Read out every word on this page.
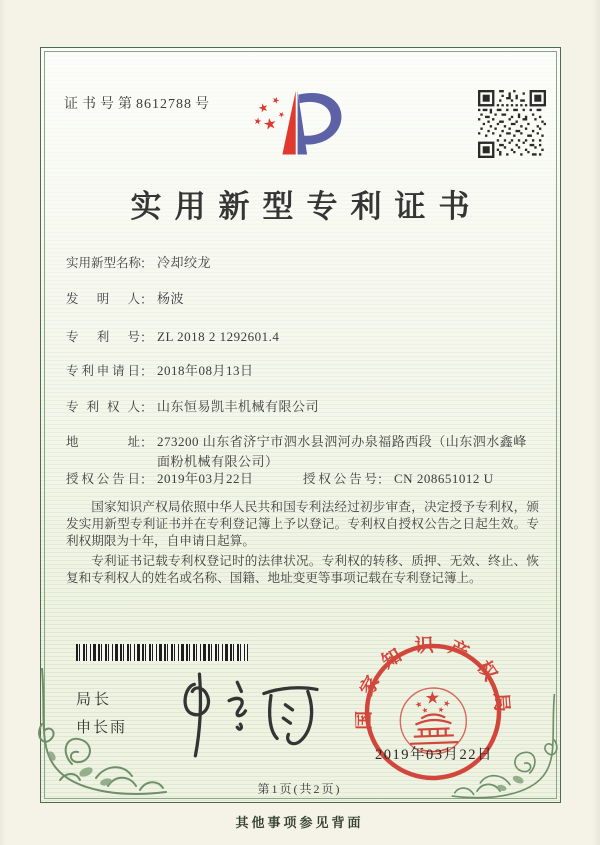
证书号第8612788 号
实用新型专利证书
实用新型名称
： 冷却绞龙
发明人 ： 杨波
专利号 ： ZL 2018 2 1292601.4
专利申请日 ： 2018年08月13日
专利权人 ： 山东恒易凯丰机械有限公司
地址 ： 273200 山东省济宁市泗水县泗河办泉福路西段（山东泗水鑫峰面粉机械有限公司）
授权公告日 ： 2019年03月22日	授权公告号 ： CN 208651012 U

国家知识产权局依照中华人民共和国专利法经过初步审查，决定授予专利权，颁发实用新型专利证书并在专利登记簿上予以登记。专利权自授权公告之日起生效。专利权期限为十年，自申请日起算。

专利证书记载专利权登记时的法律状况。专利权的转移、质押、无效、终止、恢复和专利权人的姓名或名称、国籍、地址变更等事项记载在专利登记簿上。

局长
申长雨	国家知识产权局
2019年03月22日
第1页(共2页)
其他事项参见背面
